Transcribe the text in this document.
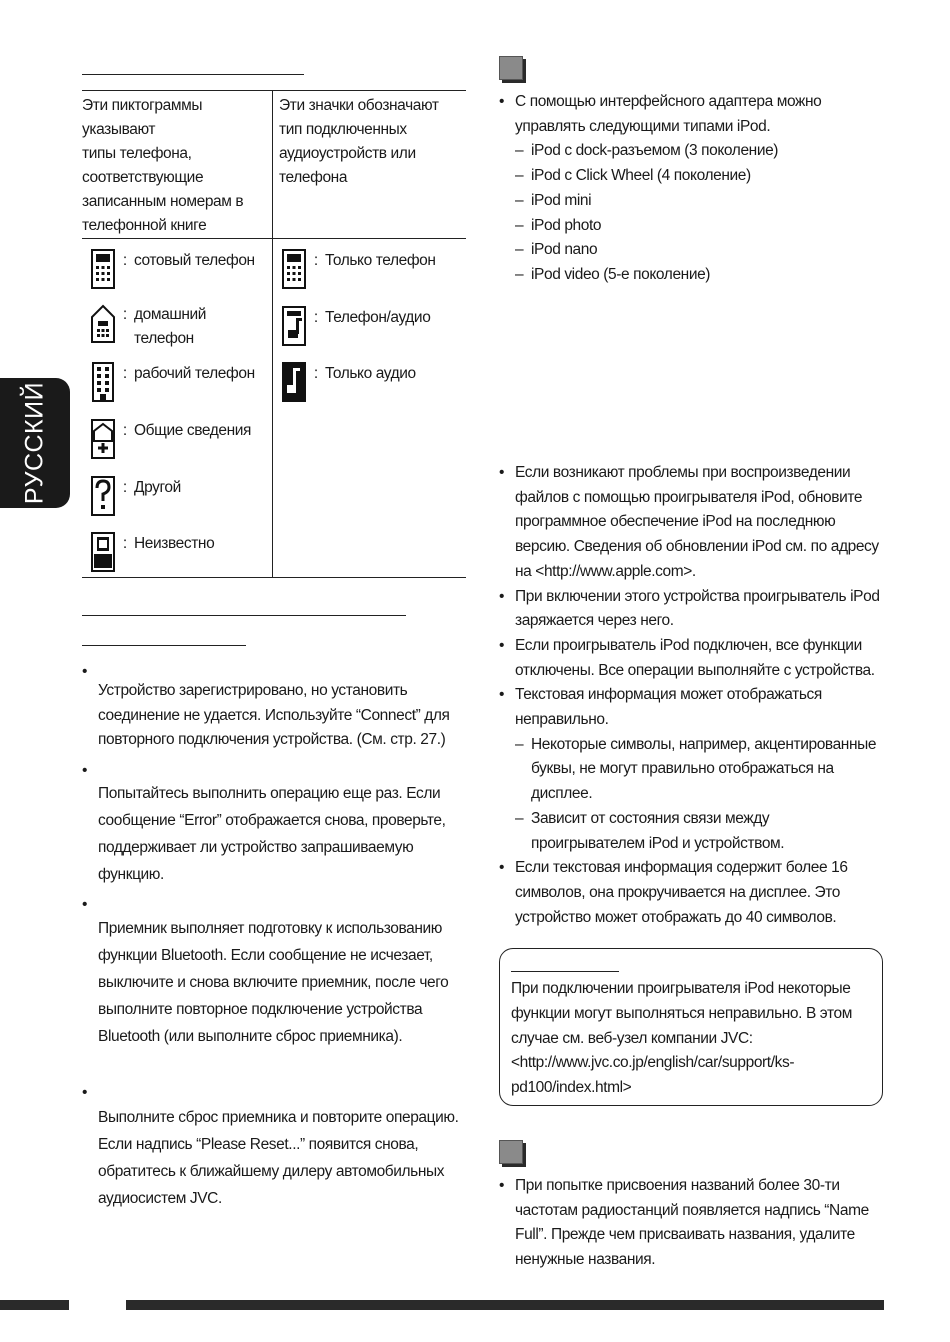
РУССКИЙ
Эти пиктограммы
указывают
типы телефона,
соответствующие
записанным номерам в
телефонной книге
Эти значки обозначают
тип подключенных
аудиоустройств или
телефона
: сотовый телефон
: домашний
телефон
: рабочий телефон
: Общие сведения
: Другой
: Неизвестно
: Только телефон
: Телефон/аудио
: Только аудио
•
Устройство зарегистрировано, но установить соединение не удается. Используйте “Connect” для повторного подключения устройства. (См. стр. 27.)
•
Попытайтесь выполнить операцию еще раз. Если сообщение “Error” отображается снова, проверьте, поддерживает ли устройство запрашиваемую функцию.
•
Приемник выполняет подготовку к использованию функции Bluetooth. Если сообщение не исчезает, выключите и снова включите приемник, после чего выполните повторное подключение устройства Bluetooth (или выполните сброс приемника).
•
Выполните сброс приемника и повторите операцию. Если надпись “Please Reset...” появится снова, обратитесь к ближайшему дилеру автомобильных аудиосистем JVC.
• С помощью интерфейсного адаптера можно управлять следующими типами iPod.
– iPod с dock-разъемом (3 поколение)
– iPod с Click Wheel (4 поколение)
– iPod mini
– iPod photo
– iPod nano
– iPod video (5-е поколение)
• Если возникают проблемы при воспроизведении файлов с помощью проигрывателя iPod, обновите программное обеспечение iPod на последнюю версию. Сведения об обновлении iPod см. по адресу на <http://www.apple.com>.
• При включении этого устройства проигрыватель iPod заряжается через него.
• Если проигрыватель iPod подключен, все функции отключены. Все операции выполняйте с устройства.
• Текстовая информация может отображаться неправильно.
– Некоторые символы, например, акцентированные буквы, не могут правильно отображаться на дисплее.
– Зависит от состояния связи между проигрывателем iPod и устройством.
• Если текстовая информация содержит более 16 символов, она прокручивается на дисплее. Это устройство может отображать до 40 символов.
При подключении проигрывателя iPod некоторые функции могут выполняться неправильно. В этом случае см. веб-узел компании JVC:<http://www.jvc.co.jp/english/car/support/ks-pd100/index.html>
• При попытке присвоения названий более 30-ти частотам радиостанций появляется надпись “Name Full”. Прежде чем присваивать названия, удалите ненужные названия.
